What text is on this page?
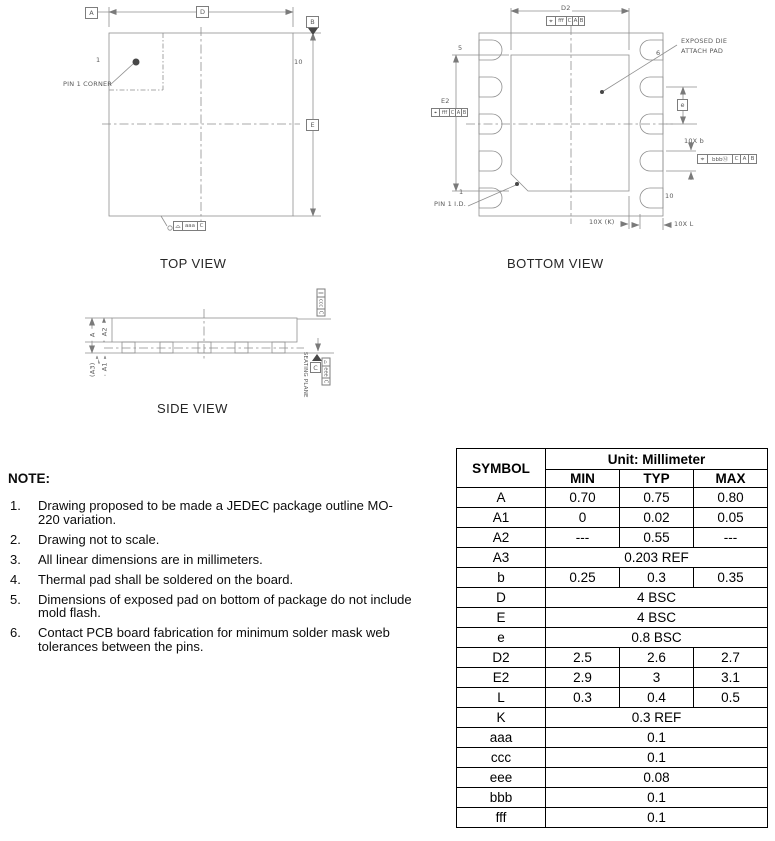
A	D
B
E
1	10
PIN 1 CORNER
⌓ aaa C
TOP VIEW
D2
⌖ fff C A B
EXPOSED DIE
ATTACH PAD
5
6
1	10
E2
⌖ fff C A B
e
10X b
⌖	bbbⓂ	C A B
PIN 1 I.D.
10X (K)	10X L
BOTTOM VIEW
A A2
A1
(A3)
∥
ccc
C
⌓
eee
C
C
SEATING PLANE
SIDE VIEW

NOTE:

1. Drawing proposed to be made a JEDEC package outline MO-
220 variation.
2. Drawing not to scale.
3. All linear dimensions are in millimeters.
4. Thermal pad shall be soldered on the board.
5. Dimensions of exposed pad on bottom of package do not include
mold flash.
6. Contact PCB board fabrication for minimum solder mask web
tolerances between the pins.
SYMBOL	Unit: Millimeter		
	MIN	TYP	MAX
A	0.70	0.75	0.80
A1	0	0.02	0.05
A2	---	0.55	---
A3	0.203 REF		
b	0.25	0.3	0.35
D	4 BSC		
E	4 BSC		
e	0.8 BSC		
D2	2.5	2.6	2.7
E2	2.9	3	3.1
L	0.3	0.4	0.5
K	0.3 REF		
aaa	0.1		
ccc	0.1		
eee	0.08		
bbb	0.1		
fff	0.1		
